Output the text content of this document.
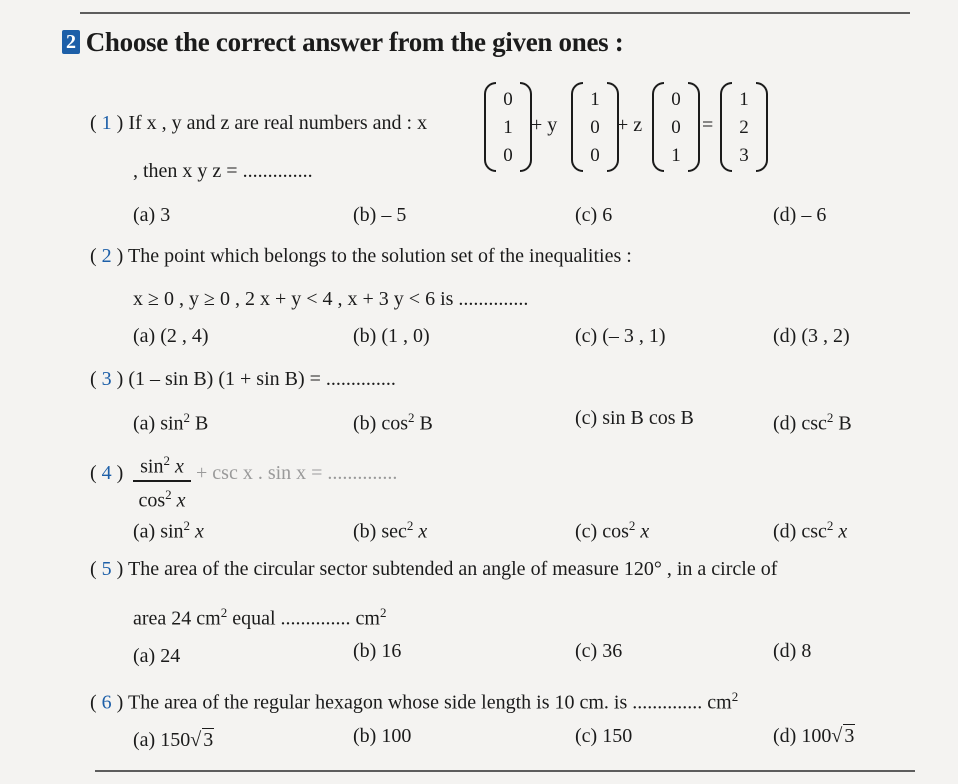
2 Choose the correct answer from the given ones :
( 1 ) If x , y and z are real numbers and : x
0
1
0
+ y
1
0
0
+ z
0
0
1
=
1
2
3
, then x y z = ..............
(a) 3	(b) – 5	(c) 6	(d) – 6
( 2 ) The point which belongs to the solution set of the inequalities :
x ≥ 0 , y ≥ 0 , 2 x + y < 4 , x + 3 y < 6 is ..............
(a) (2 , 4)	(b) (1 , 0)	(c) (– 3 , 1)	(d) (3 , 2)
( 3 ) (1 – sin B) (1 + sin B) = ..............
(a) $\sin^2 B$	(b) $\cos^2 B$	(c) sin B cos B	(d) $\csc^2 B$
( 4 ) $\sin^2 x$
$\cos^2 x$
+ csc x . sin x = ..............
(a) $\sin^2 x$	(b) $\sec^2 x$	(c) $\cos^2 x$	(d) $\csc^2 x$
( 5 ) The area of the circular sector subtended an angle of measure 120° , in a circle of
area 24 $cm^2$ equal .............. $cm^2$
(a) 24	(b) 16	(c) 36	(d) 8
( 6 ) The area of the regular hexagon whose side length is 10 cm. is .............. $cm^2$
(a) 150√ 3	(b) 100	(c) 150	(d) 100√ 3
